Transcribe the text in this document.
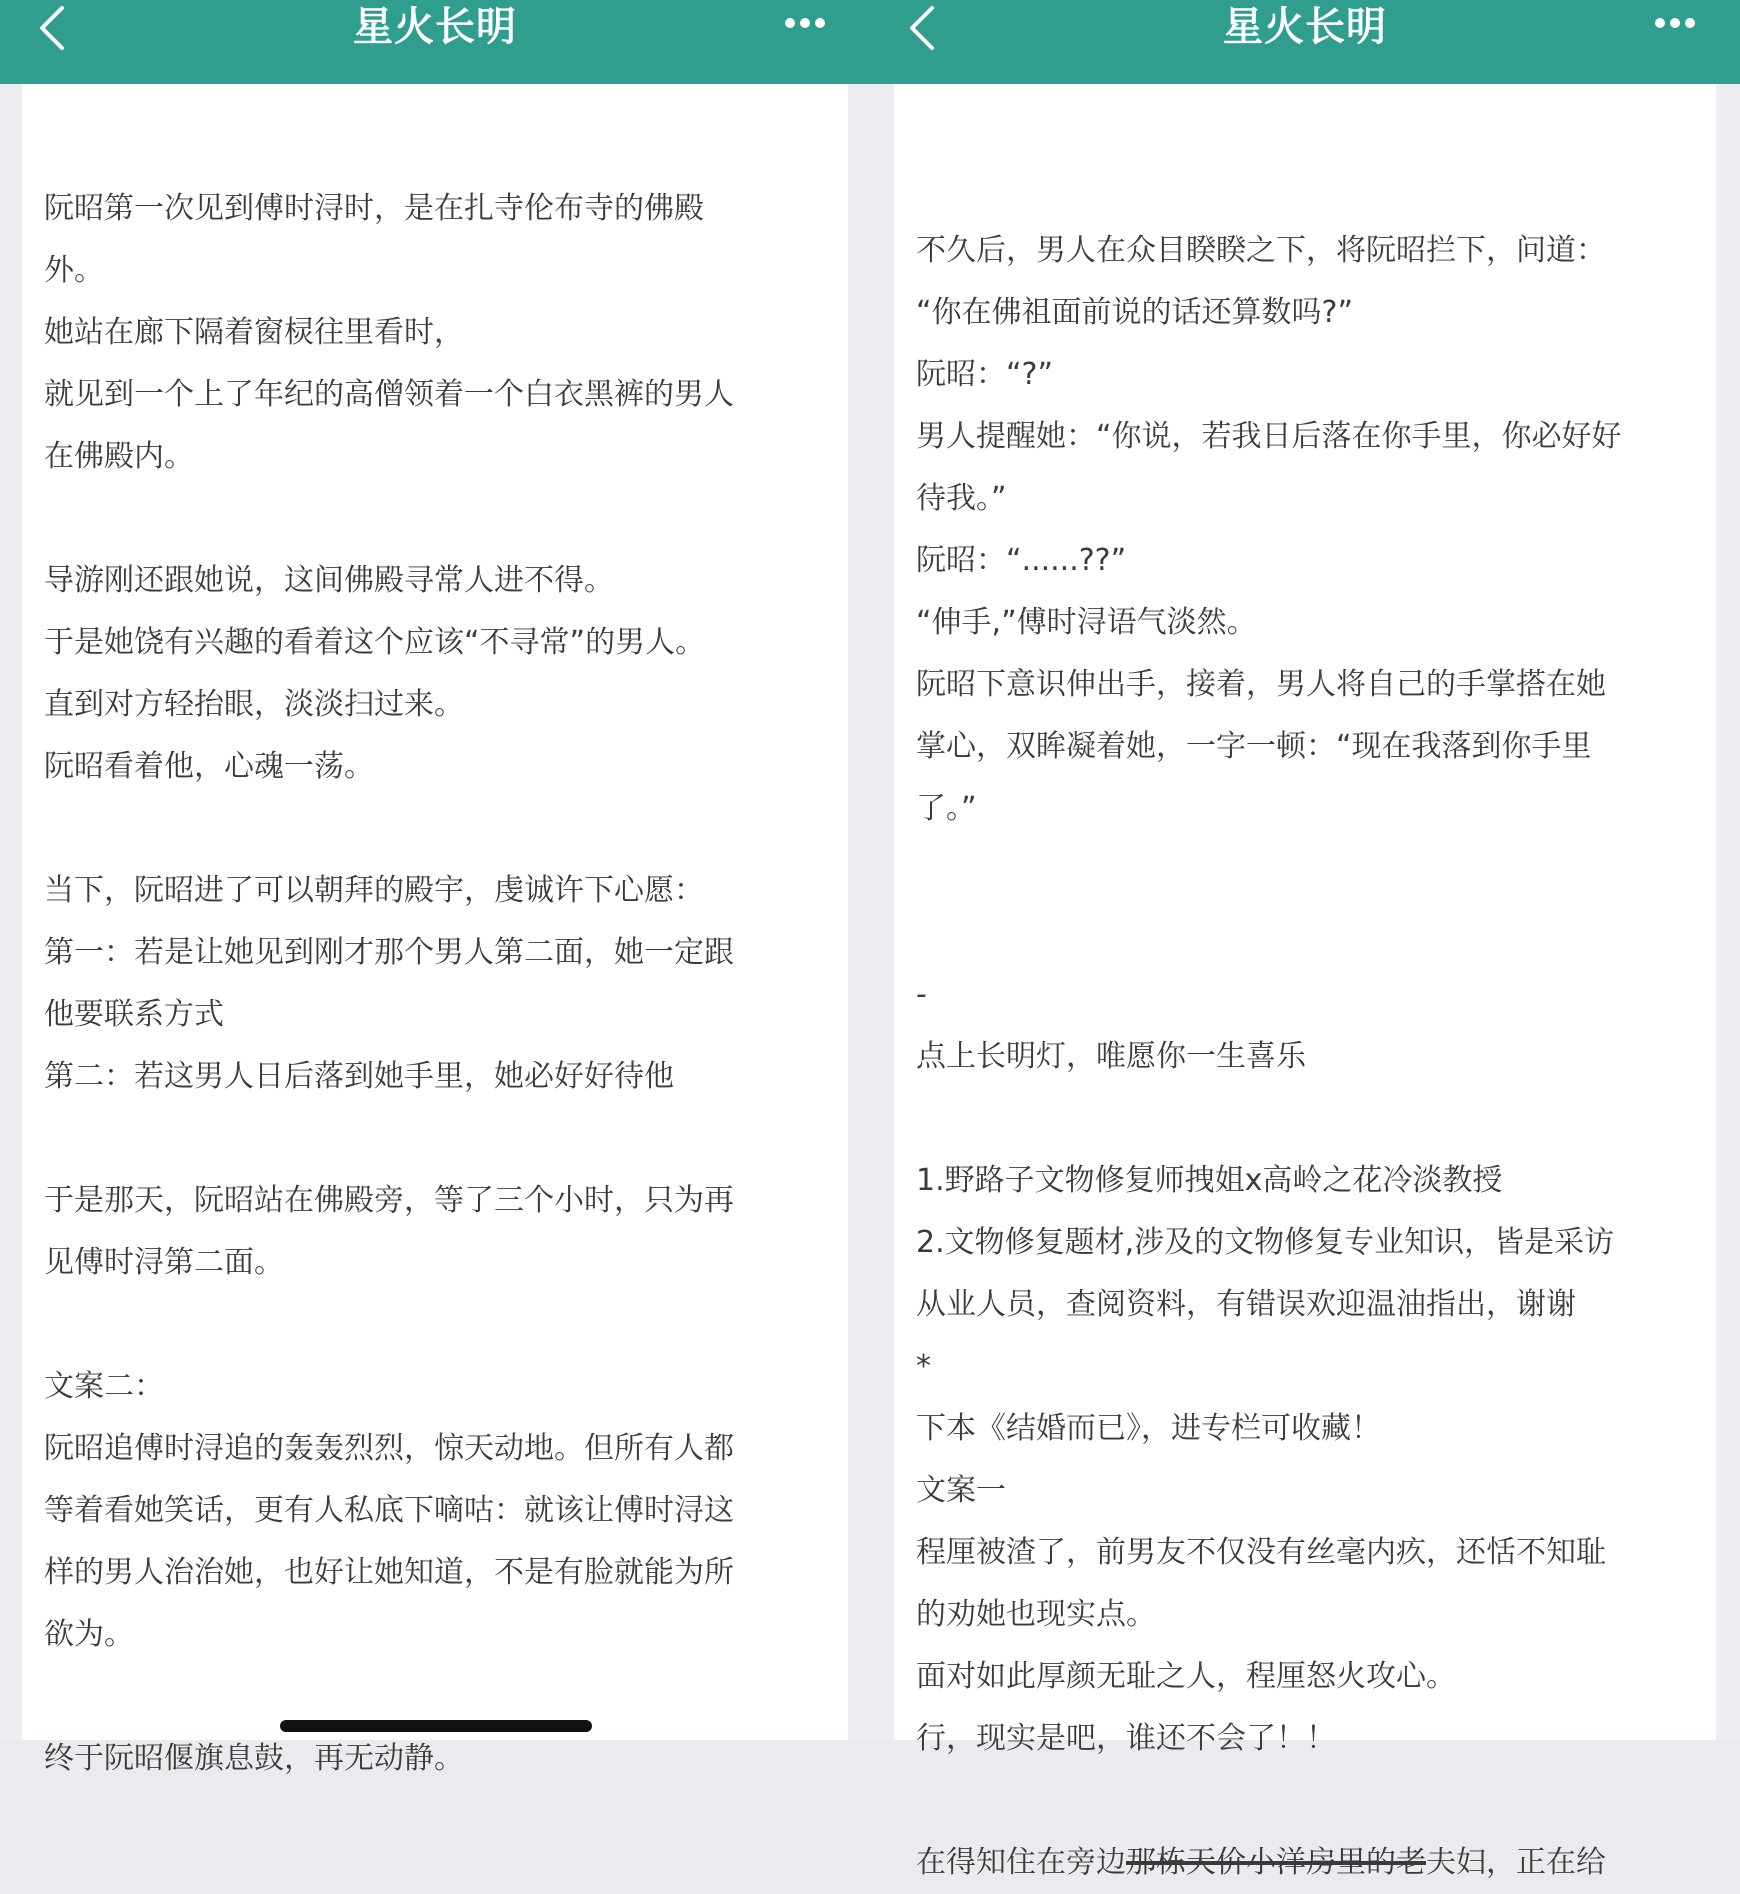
星火长明
阮昭第一次见到傅时浔时，是在扎寺伦布寺的佛殿
外。
她站在廊下隔着窗棂往里看时，
就见到一个上了年纪的高僧领着一个白衣黑裤的男人
在佛殿内。
导游刚还跟她说，这间佛殿寻常人进不得。
于是她饶有兴趣的看着这个应该“不寻常”的男人。
直到对方轻抬眼，淡淡扫过来。
阮昭看着他，心魂一荡。
当下，阮昭进了可以朝拜的殿宇，虔诚许下心愿：
第一：若是让她见到刚才那个男人第二面，她一定跟
他要联系方式
第二：若这男人日后落到她手里，她必好好待他
于是那天，阮昭站在佛殿旁，等了三个小时，只为再
见傅时浔第二面。
文案二：
阮昭追傅时浔追的轰轰烈烈，惊天动地。但所有人都
等着看她笑话，更有人私底下嘀咕：就该让傅时浔这
样的男人治治她，也好让她知道，不是有脸就能为所
欲为。
终于阮昭偃旗息鼓，再无动静。
星火长明
不久后，男人在众目睽睽之下，将阮昭拦下，问道：
“你在佛祖面前说的话还算数吗?”
阮昭：“?”
男人提醒她：“你说，若我日后落在你手里，你必好好
待我。”
阮昭：“......??”
“伸手,”傅时浔语气淡然。
阮昭下意识伸出手，接着，男人将自己的手掌搭在她
掌心，双眸凝着她，一字一顿：“现在我落到你手里
了。”
-
点上长明灯，唯愿你一生喜乐
1.野路子文物修复师拽姐x高岭之花冷淡教授
2.文物修复题材,涉及的文物修复专业知识，皆是采访
从业人员，查阅资料，有错误欢迎温油指出，谢谢
*
下本《结婚而已》，进专栏可收藏！
文案一
程厘被渣了，前男友不仅没有丝毫内疚，还恬不知耻
的劝她也现实点。
面对如此厚颜无耻之人，程厘怒火攻心。
行，现实是吧，谁还不会了！！
在得知住在旁边那栋天价小洋房里的老夫妇，正在给
